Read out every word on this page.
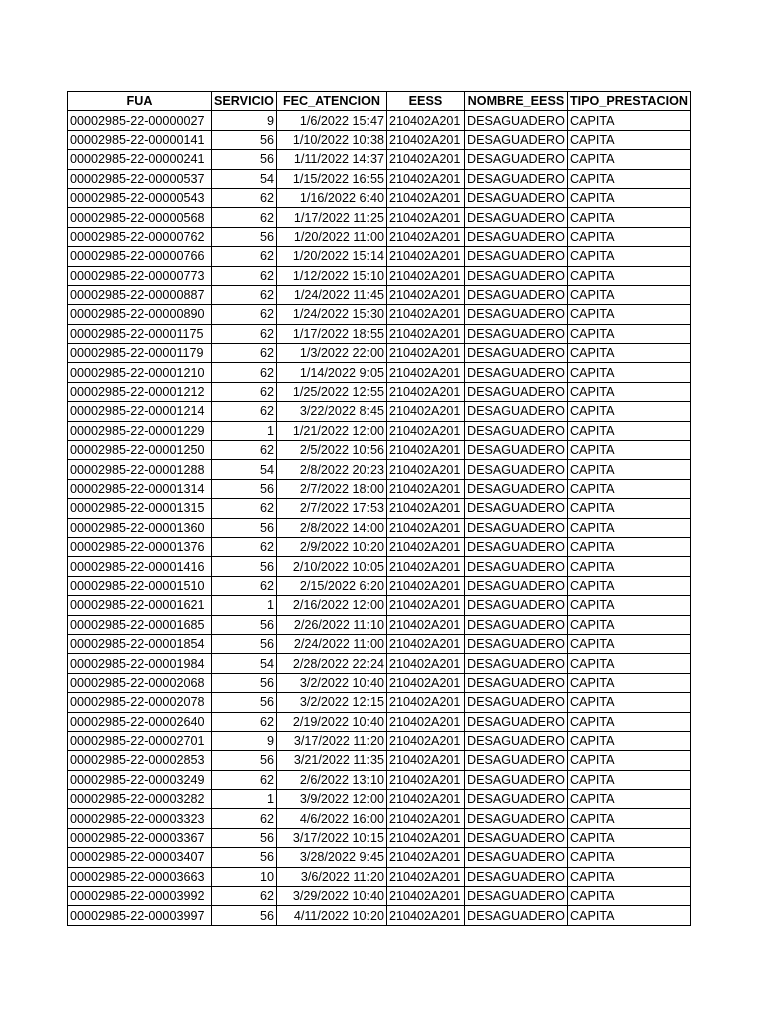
FUA	SERVICIO	FEC_ATENCION	EESS	NOMBRE_EESS	TIPO_PRESTACION
00002985-22-00000027	9	1/6/2022 15:47	210402A201	DESAGUADERO	CAPITA
00002985-22-00000141	56	1/10/2022 10:38	210402A201	DESAGUADERO	CAPITA
00002985-22-00000241	56	1/11/2022 14:37	210402A201	DESAGUADERO	CAPITA
00002985-22-00000537	54	1/15/2022 16:55	210402A201	DESAGUADERO	CAPITA
00002985-22-00000543	62	1/16/2022 6:40	210402A201	DESAGUADERO	CAPITA
00002985-22-00000568	62	1/17/2022 11:25	210402A201	DESAGUADERO	CAPITA
00002985-22-00000762	56	1/20/2022 11:00	210402A201	DESAGUADERO	CAPITA
00002985-22-00000766	62	1/20/2022 15:14	210402A201	DESAGUADERO	CAPITA
00002985-22-00000773	62	1/12/2022 15:10	210402A201	DESAGUADERO	CAPITA
00002985-22-00000887	62	1/24/2022 11:45	210402A201	DESAGUADERO	CAPITA
00002985-22-00000890	62	1/24/2022 15:30	210402A201	DESAGUADERO	CAPITA
00002985-22-00001175	62	1/17/2022 18:55	210402A201	DESAGUADERO	CAPITA
00002985-22-00001179	62	1/3/2022 22:00	210402A201	DESAGUADERO	CAPITA
00002985-22-00001210	62	1/14/2022 9:05	210402A201	DESAGUADERO	CAPITA
00002985-22-00001212	62	1/25/2022 12:55	210402A201	DESAGUADERO	CAPITA
00002985-22-00001214	62	3/22/2022 8:45	210402A201	DESAGUADERO	CAPITA
00002985-22-00001229	1	1/21/2022 12:00	210402A201	DESAGUADERO	CAPITA
00002985-22-00001250	62	2/5/2022 10:56	210402A201	DESAGUADERO	CAPITA
00002985-22-00001288	54	2/8/2022 20:23	210402A201	DESAGUADERO	CAPITA
00002985-22-00001314	56	2/7/2022 18:00	210402A201	DESAGUADERO	CAPITA
00002985-22-00001315	62	2/7/2022 17:53	210402A201	DESAGUADERO	CAPITA
00002985-22-00001360	56	2/8/2022 14:00	210402A201	DESAGUADERO	CAPITA
00002985-22-00001376	62	2/9/2022 10:20	210402A201	DESAGUADERO	CAPITA
00002985-22-00001416	56	2/10/2022 10:05	210402A201	DESAGUADERO	CAPITA
00002985-22-00001510	62	2/15/2022 6:20	210402A201	DESAGUADERO	CAPITA
00002985-22-00001621	1	2/16/2022 12:00	210402A201	DESAGUADERO	CAPITA
00002985-22-00001685	56	2/26/2022 11:10	210402A201	DESAGUADERO	CAPITA
00002985-22-00001854	56	2/24/2022 11:00	210402A201	DESAGUADERO	CAPITA
00002985-22-00001984	54	2/28/2022 22:24	210402A201	DESAGUADERO	CAPITA
00002985-22-00002068	56	3/2/2022 10:40	210402A201	DESAGUADERO	CAPITA
00002985-22-00002078	56	3/2/2022 12:15	210402A201	DESAGUADERO	CAPITA
00002985-22-00002640	62	2/19/2022 10:40	210402A201	DESAGUADERO	CAPITA
00002985-22-00002701	9	3/17/2022 11:20	210402A201	DESAGUADERO	CAPITA
00002985-22-00002853	56	3/21/2022 11:35	210402A201	DESAGUADERO	CAPITA
00002985-22-00003249	62	2/6/2022 13:10	210402A201	DESAGUADERO	CAPITA
00002985-22-00003282	1	3/9/2022 12:00	210402A201	DESAGUADERO	CAPITA
00002985-22-00003323	62	4/6/2022 16:00	210402A201	DESAGUADERO	CAPITA
00002985-22-00003367	56	3/17/2022 10:15	210402A201	DESAGUADERO	CAPITA
00002985-22-00003407	56	3/28/2022 9:45	210402A201	DESAGUADERO	CAPITA
00002985-22-00003663	10	3/6/2022 11:20	210402A201	DESAGUADERO	CAPITA
00002985-22-00003992	62	3/29/2022 10:40	210402A201	DESAGUADERO	CAPITA
00002985-22-00003997	56	4/11/2022 10:20	210402A201	DESAGUADERO	CAPITA
